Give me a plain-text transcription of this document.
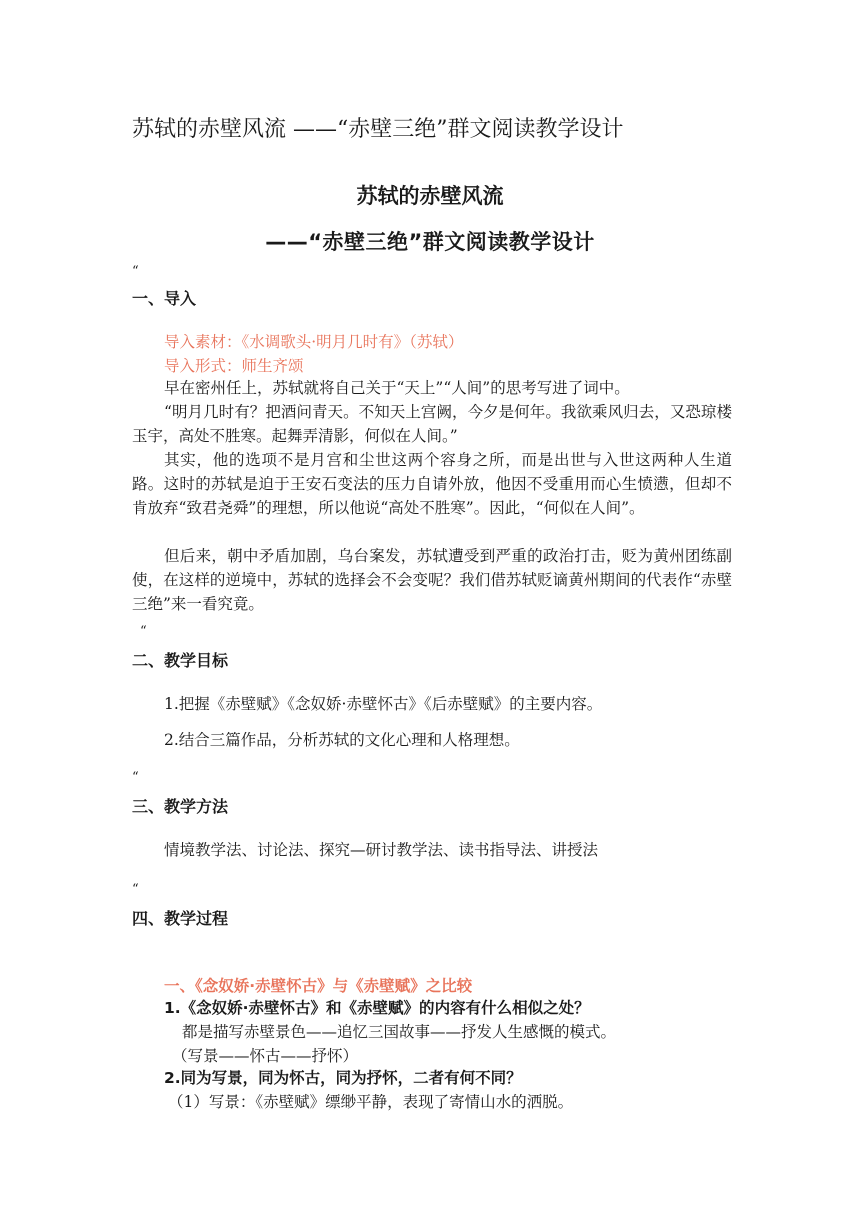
苏轼的赤壁风流 ——“赤壁三绝”群文阅读教学设计
苏轼的赤壁风流
——“赤壁三绝”群文阅读教学设计
“
一、导入
导入素材：《水调歌头·明月几时有》（苏轼）
导入形式：师生齐颂
早在密州任上，苏轼就将自己关于“天上”“人间”的思考写进了词中。
“明月几时有？把酒问青天。不知天上宫阙，今夕是何年。我欲乘风归去，又恐琼楼玉宇，高处不胜寒。起舞弄清影，何似在人间。”
其实，他的选项不是月宫和尘世这两个容身之所，而是出世与入世这两种人生道路。这时的苏轼是迫于王安石变法的压力自请外放，他因不受重用而心生愤懑，但却不肯放弃“致君尧舜”的理想，所以他说“高处不胜寒”。因此，“何似在人间”。
但后来，朝中矛盾加剧，乌台案发，苏轼遭受到严重的政治打击，贬为黄州团练副使，在这样的逆境中，苏轼的选择会不会变呢？我们借苏轼贬谪黄州期间的代表作“赤壁三绝”来一看究竟。
“
二、教学目标
1.把握《赤壁赋》《念奴娇·赤壁怀古》《后赤壁赋》的主要内容。
2.结合三篇作品，分析苏轼的文化心理和人格理想。
“
三、教学方法
情境教学法、讨论法、探究—研讨教学法、读书指导法、讲授法
“
四、教学过程
一、《念奴娇·赤壁怀古》与《赤壁赋》之比较
1.《念奴娇·赤壁怀古》和《赤壁赋》的内容有什么相似之处？
都是描写赤壁景色——追忆三国故事——抒发人生感慨的模式。
（写景——怀古——抒怀）
2.同为写景，同为怀古，同为抒怀，二者有何不同？
（1）写景：《赤壁赋》缥缈平静，表现了寄情山水的洒脱。
